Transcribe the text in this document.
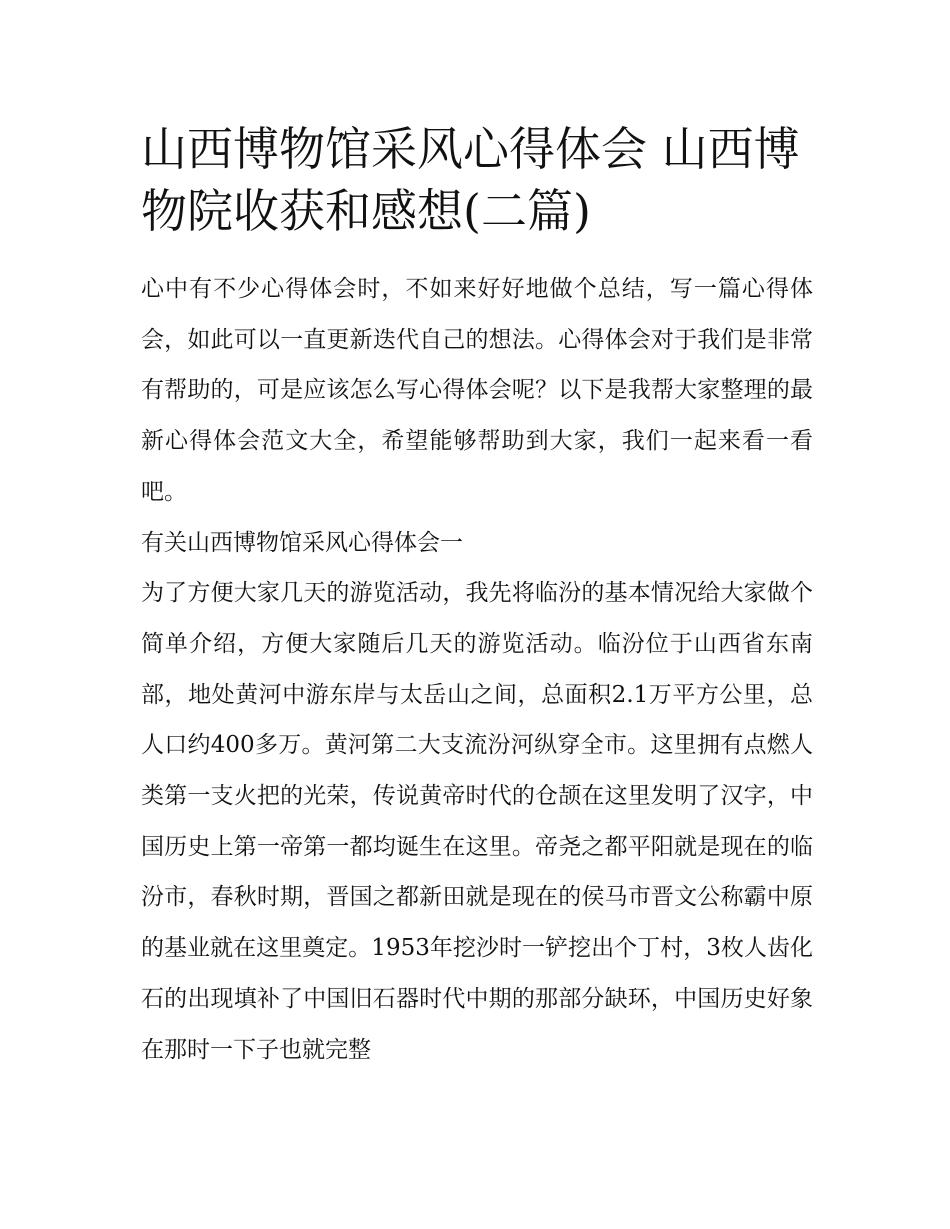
山西博物馆采风心得体会 山西博物院收获和感想(二篇)

心中有不少心得体会时，不如来好好地做个总结，写一篇心得体会，如此可以一直更新迭代自己的想法。心得体会对于我们是非常有帮助的，可是应该怎么写心得体会呢？以下是我帮大家整理的最新心得体会范文大全，希望能够帮助到大家，我们一起来看一看吧。

有关山西博物馆采风心得体会一

为了方便大家几天的游览活动，我先将临汾的基本情况给大家做个简单介绍，方便大家随后几天的游览活动。临汾位于山西省东南部，地处黄河中游东岸与太岳山之间，总面积2.1万平方公里，总人口约400多万。黄河第二大支流汾河纵穿全市。这里拥有点燃人类第一支火把的光荣，传说黄帝时代的仓颉在这里发明了汉字，中国历史上第一帝第一都均诞生在这里。帝尧之都平阳就是现在的临汾市，春秋时期，晋国之都新田就是现在的侯马市晋文公称霸中原的基业就在这里奠定。1953年挖沙时一铲挖出个丁村，3枚人齿化石的出现填补了中国旧石器时代中期的那部分缺环，中国历史好象在那时一下子也就完整
